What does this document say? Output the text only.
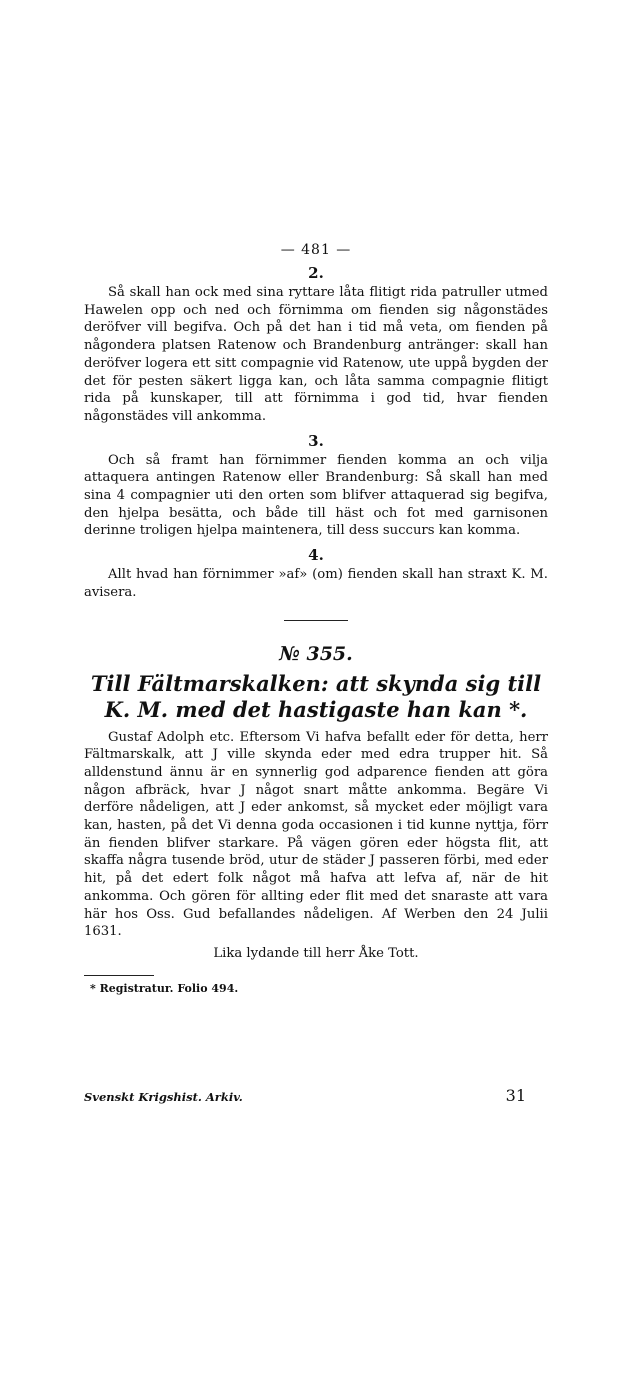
— 481 —
2.

Så skall han ock med sina ryttare låta flitigt rida patruller utmed Hawelen opp och ned och förnimma om fienden sig någonstädes deröfver vill begifva. Och på det han i tid må veta, om fienden på någondera platsen Ratenow och Brandenburg antränger: skall han deröfver logera ett sitt compagnie vid Ratenow, ute uppå bygden der det för pesten säkert ligga kan, och låta samma compagnie flitigt rida på kunskaper, till att förnimma i god tid, hvar fienden någonstädes vill ankomma.

3.

Och så framt han förnimmer fienden komma an och vilja attaquera antingen Ratenow eller Brandenburg: Så skall han med sina 4 compagnier uti den orten som blifver attaquerad sig begifva, den hjelpa besätta, och både till häst och fot med garnisonen derinne troligen hjelpa maintenera, till dess succurs kan komma.

4.

Allt hvad han förnimmer »af» (om) fienden skall han straxt K. M. avisera.

№ 355.
Till Fältmarskalken: att skynda sig till K. M. med det hastigaste han kan *.

Gustaf Adolph etc. Eftersom Vi hafva befallt eder för detta, herr Fältmarskalk, att J ville skynda eder med edra trupper hit. Så alldenstund ännu är en synnerlig god adparence fienden att göra någon afbräck, hvar J något snart måtte ankomma. Begäre Vi derföre nådeligen, att J eder ankomst, så mycket eder möjligt vara kan, hasten, på det Vi denna goda occasionen i tid kunne nyttja, förr än fienden blifver starkare. På vägen gören eder högsta flit, att skaffa några tusende bröd, utur de städer J passeren förbi, med eder hit, på det edert folk något må hafva att lefva af, när de hit ankomma. Och gören för allting eder flit med det snaraste att vara här hos Oss. Gud befallandes nådeligen. Af Werben den 24 Julii 1631.

Lika lydande till herr Åke Tott.

* Registratur. Folio 494.
Svenskt Krigshist. Arkiv.	31
